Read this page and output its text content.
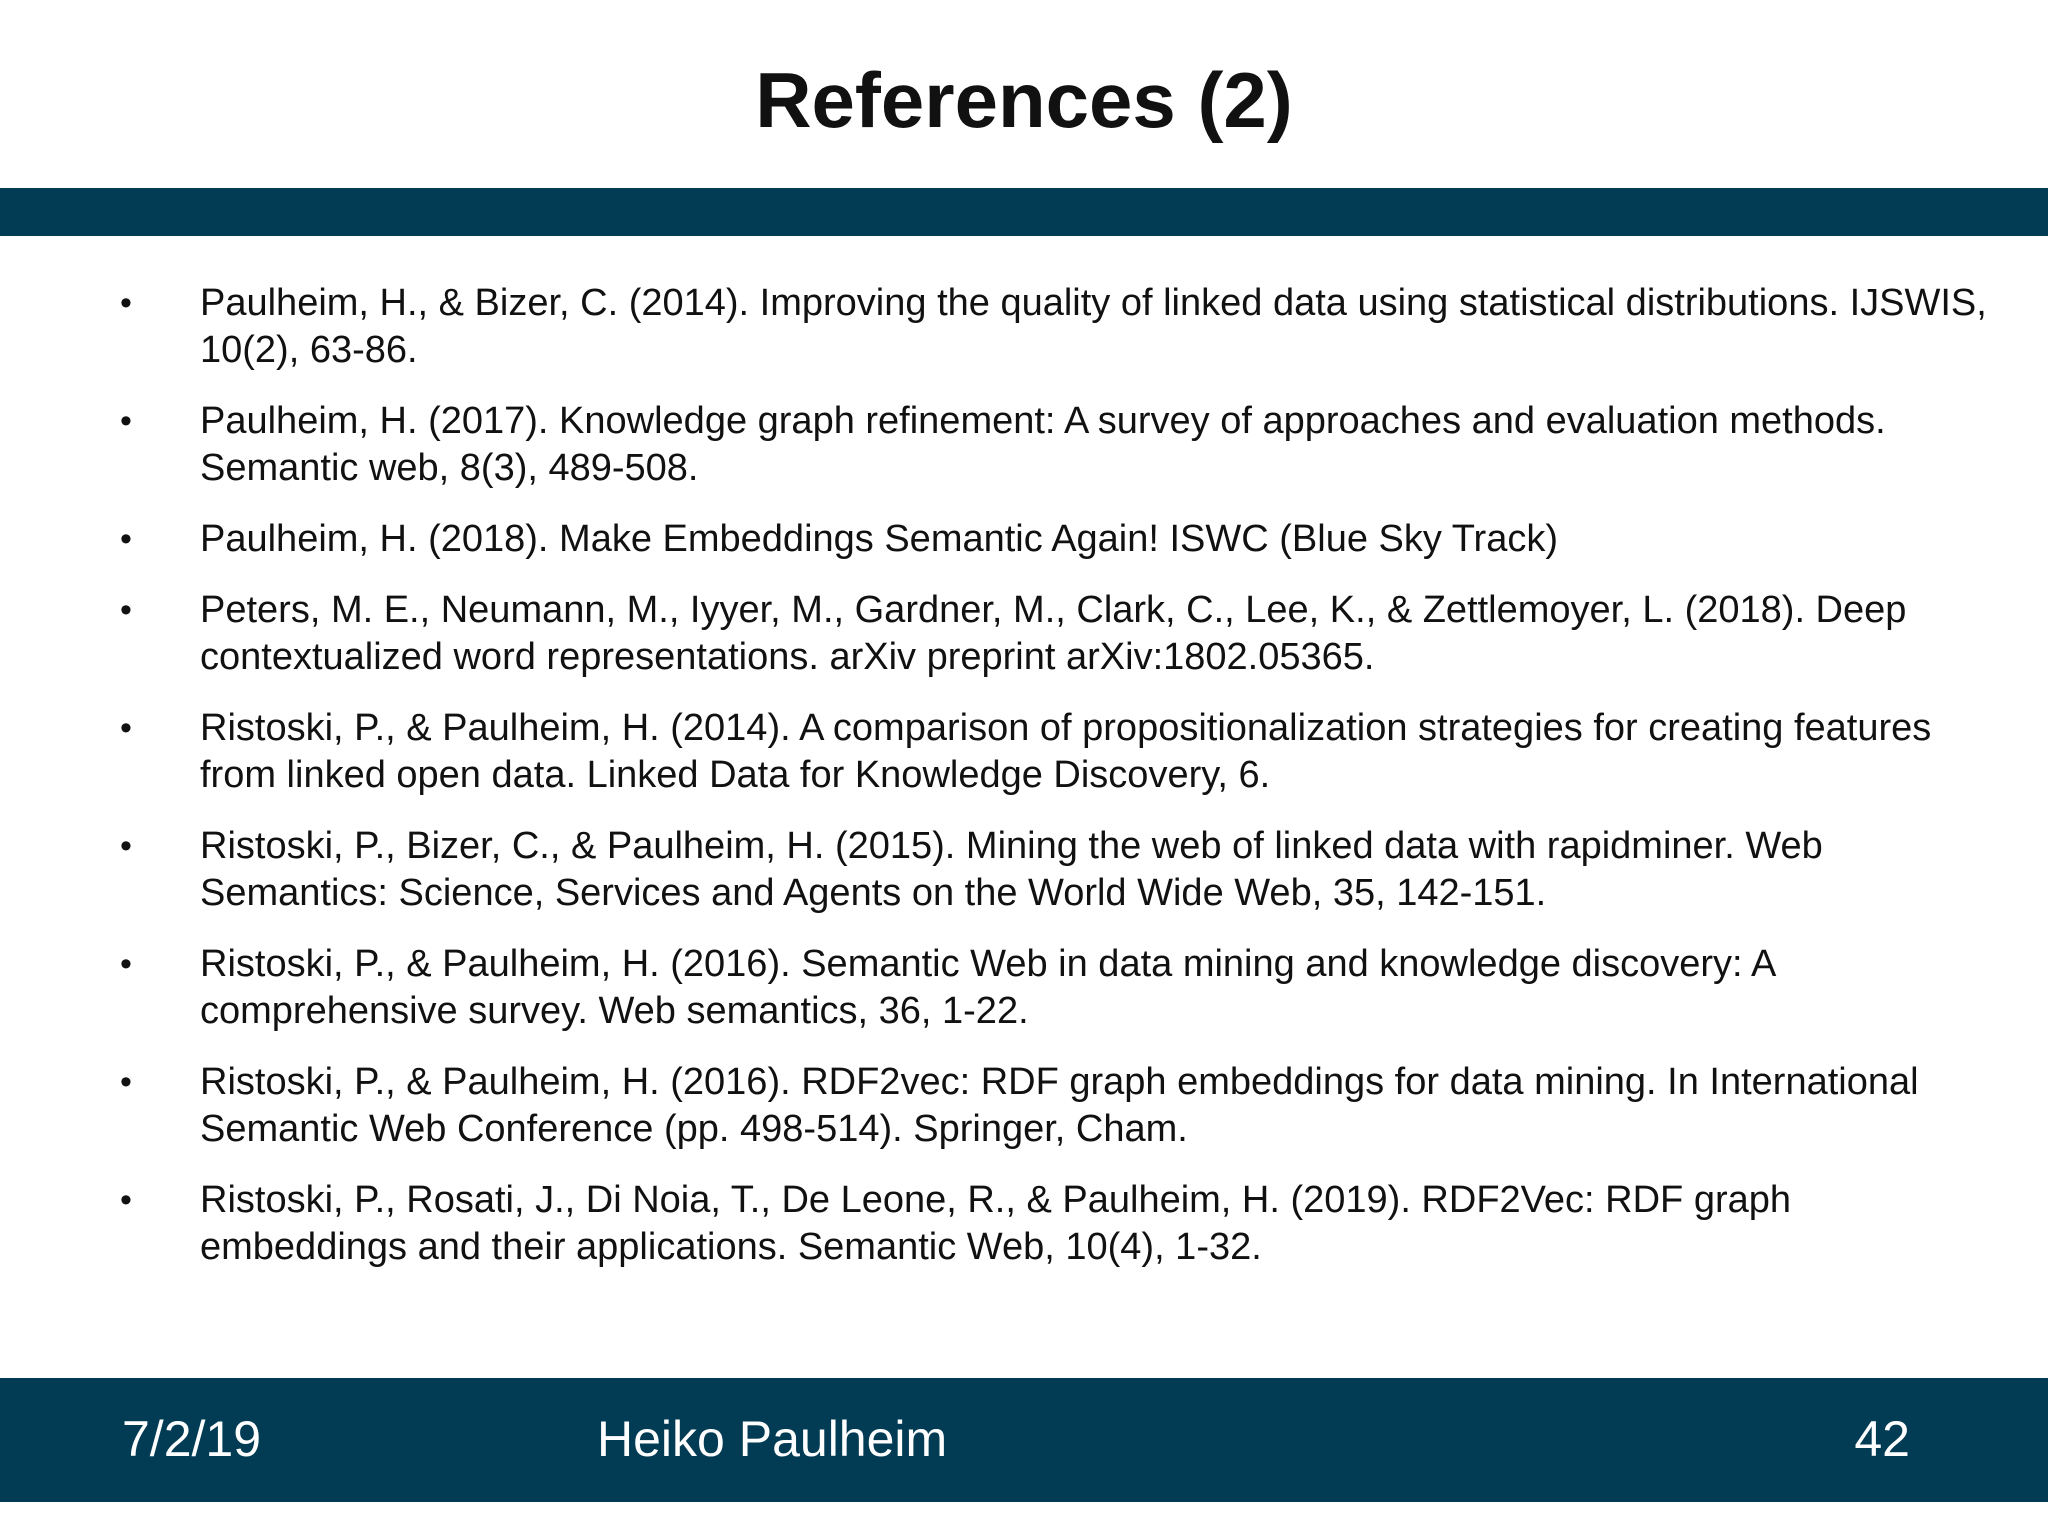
References (2)
• Paulheim, H., & Bizer, C. (2014). Improving the quality of linked data using statistical distributions. IJSWIS, 10(2), 63-86.
• Paulheim, H. (2017). Knowledge graph refinement: A survey of approaches and evaluation methods. Semantic web, 8(3), 489-508.
• Paulheim, H. (2018). Make Embeddings Semantic Again! ISWC (Blue Sky Track)
• Peters, M. E., Neumann, M., Iyyer, M., Gardner, M., Clark, C., Lee, K., & Zettlemoyer, L. (2018). Deep contextualized word representations. arXiv preprint arXiv:1802.05365.
• Ristoski, P., & Paulheim, H. (2014). A comparison of propositionalization strategies for creating features from linked open data. Linked Data for Knowledge Discovery, 6.
• Ristoski, P., Bizer, C., & Paulheim, H. (2015). Mining the web of linked data with rapidminer. Web Semantics: Science, Services and Agents on the World Wide Web, 35, 142-151.
• Ristoski, P., & Paulheim, H. (2016). Semantic Web in data mining and knowledge discovery: A comprehensive survey. Web semantics, 36, 1-22.
• Ristoski, P., & Paulheim, H. (2016). RDF2vec: RDF graph embeddings for data mining. In International Semantic Web Conference (pp. 498-514). Springer, Cham.
• Ristoski, P., Rosati, J., Di Noia, T., De Leone, R., & Paulheim, H. (2019). RDF2Vec: RDF graph embeddings and their applications. Semantic Web, 10(4), 1-32.
7/2/19	Heiko Paulheim	42
